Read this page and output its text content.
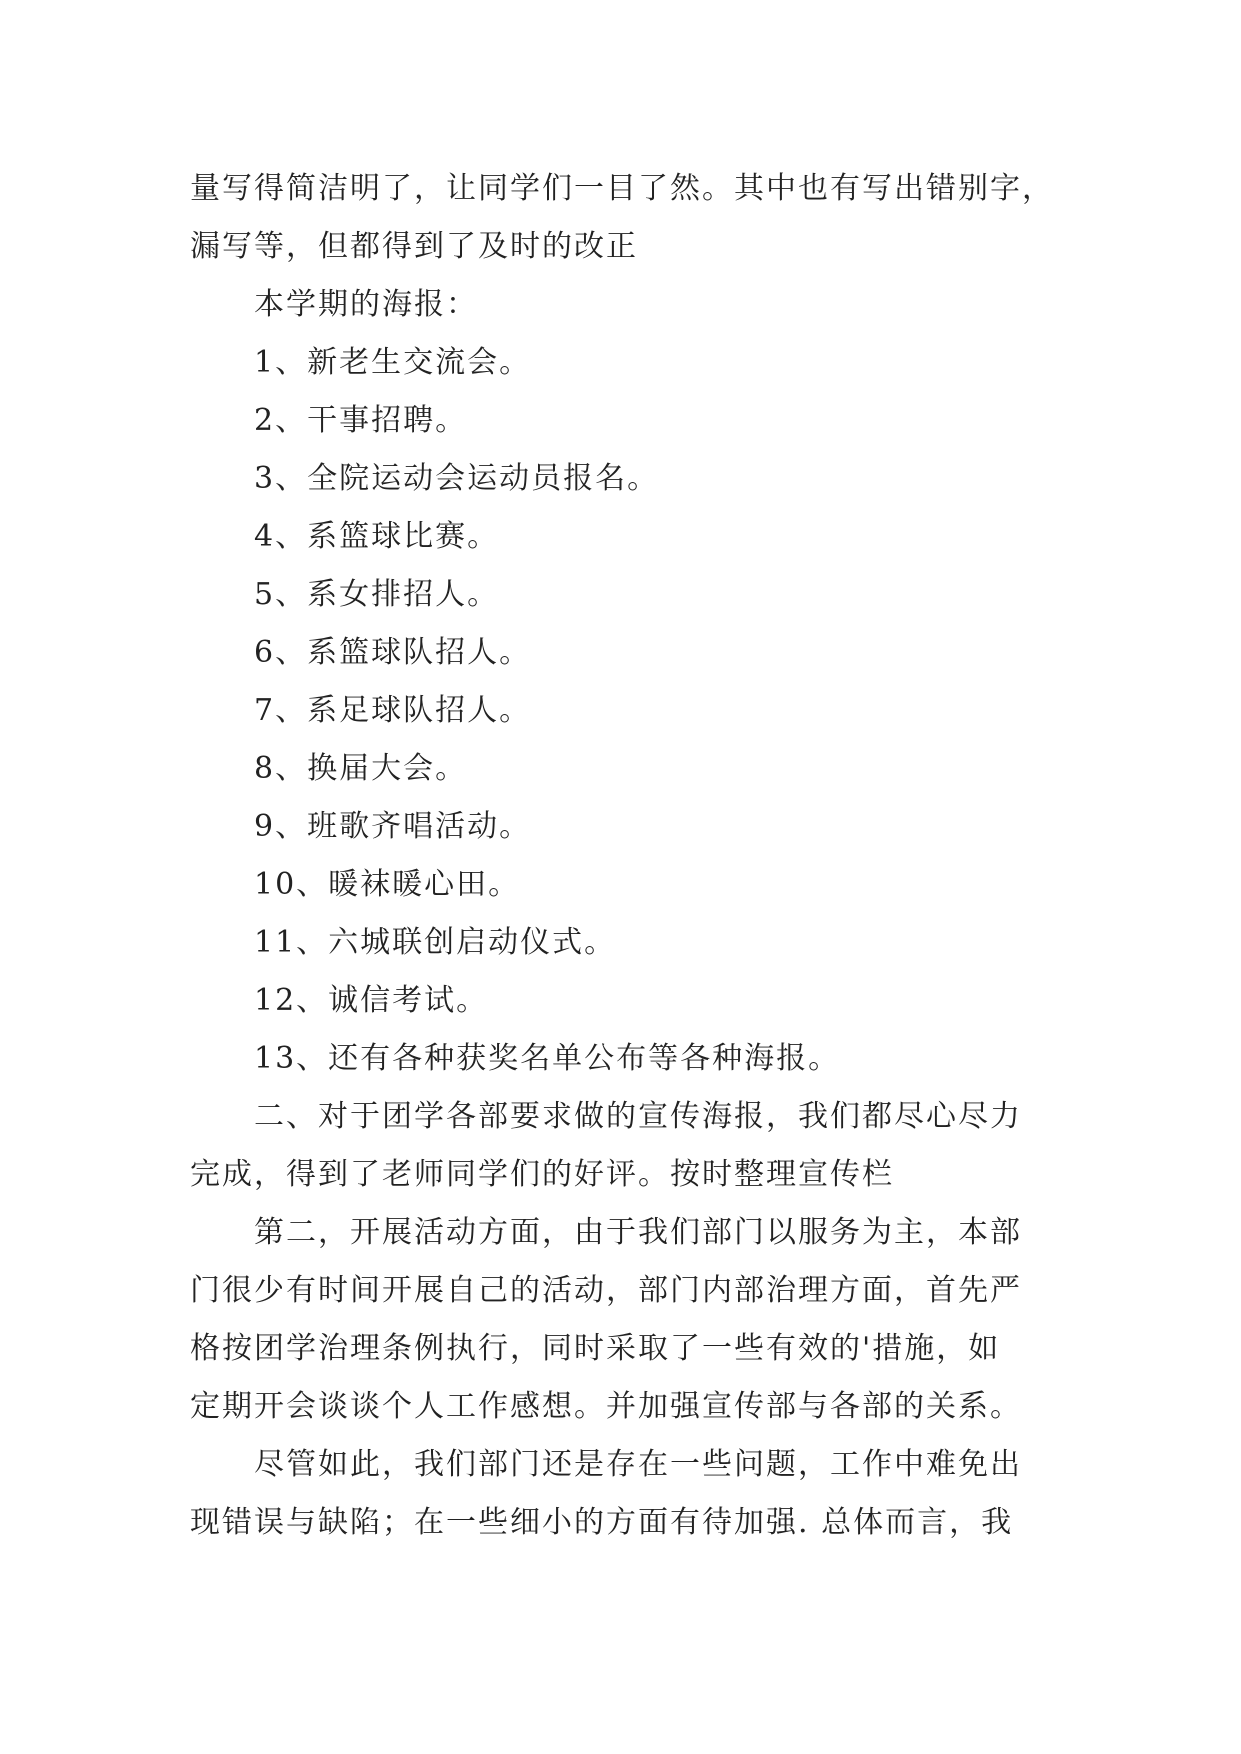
量写得简洁明了，让同学们一目了然。其中也有写出错别字，
漏写等，但都得到了及时的改正
本学期的海报：
1、新老生交流会。
2、干事招聘。
3、全院运动会运动员报名。
4、系篮球比赛。
5、系女排招人。
6、系篮球队招人。
7、系足球队招人。
8、换届大会。
9、班歌齐唱活动。
10、暖袜暖心田。
11、六城联创启动仪式。
12、诚信考试。
13、还有各种获奖名单公布等各种海报。
二、对于团学各部要求做的宣传海报，我们都尽心尽力
完成，得到了老师同学们的好评。按时整理宣传栏
第二，开展活动方面，由于我们部门以服务为主，本部
门很少有时间开展自己的活动，部门内部治理方面，首先严
格按团学治理条例执行，同时采取了一些有效的'措施，如
定期开会谈谈个人工作感想。并加强宣传部与各部的关系。
尽管如此，我们部门还是存在一些问题，工作中难免出
现错误与缺陷；在一些细小的方面有待加强. 总体而言，我
